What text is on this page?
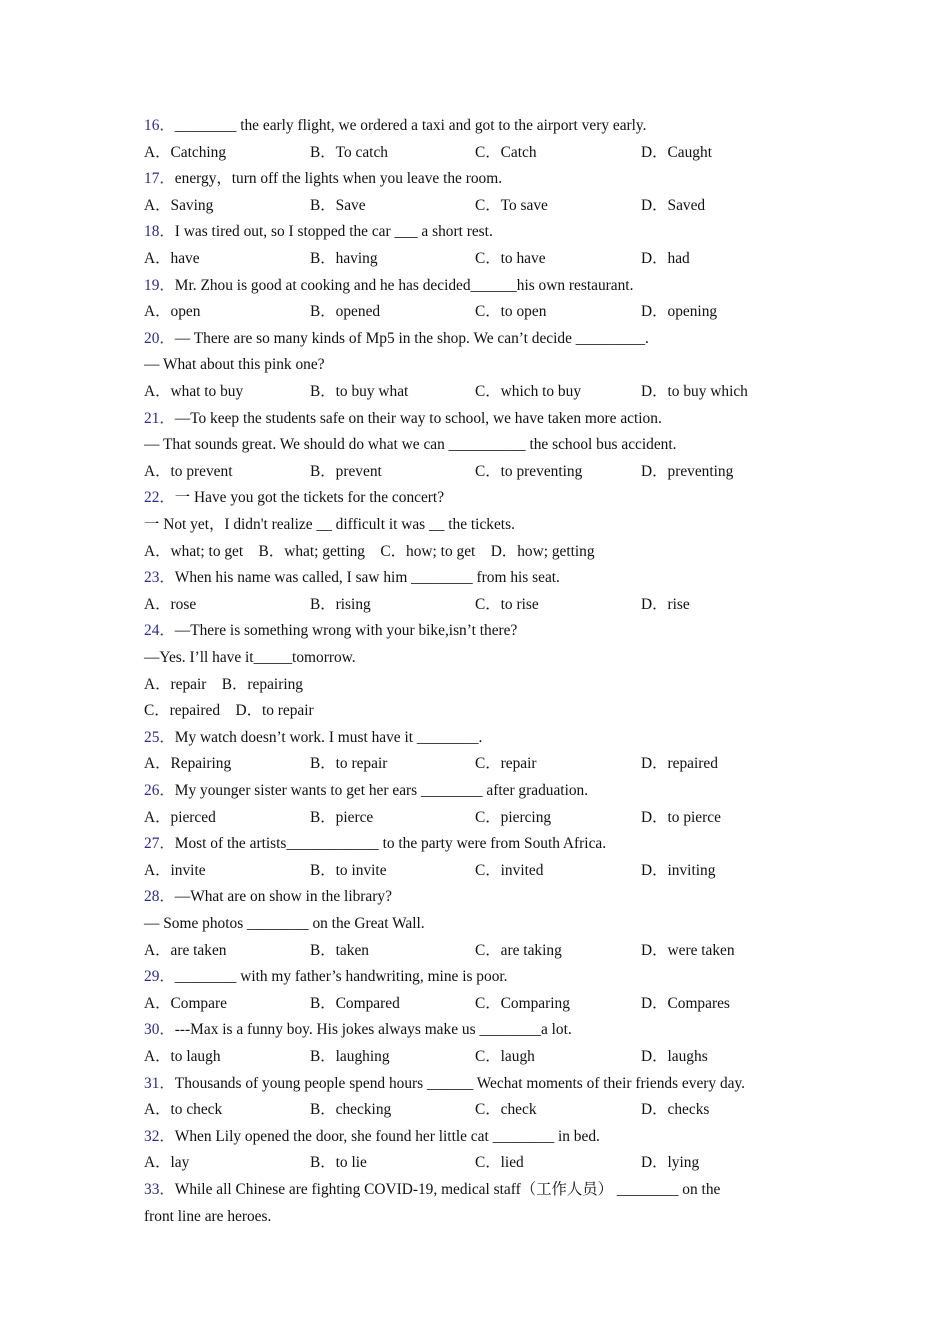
16．________ the early flight, we ordered a taxi and got to the airport very early.
A．Catching	B．To catch	C．Catch	D．Caught
17．energy，turn off the lights when you leave the room.
A．Saving	B．Save	C．To save	D．Saved
18．I was tired out, so I stopped the car ___ a short rest.
A．have	B．having	C．to have	D．had
19．Mr. Zhou is good at cooking and he has decided______his own restaurant.
A．open	B．opened	C．to open	D．opening
20．— There are so many kinds of Mp5 in the shop. We can’t decide _________.
— What about this pink one?
A．what to buy	B．to buy what	C．which to buy	D．to buy which
21．—To keep the students safe on their way to school, we have taken more action.
— That sounds great. We should do what we can __________ the school bus accident.
A．to prevent	B．prevent	C．to preventing	D．preventing
22．一 Have you got the tickets for the concert?
一 Not yet，I didn't realize __ difficult it was __ the tickets.
A．what; to get　B．what; getting　C．how; to get　D．how; getting
23．When his name was called, I saw him ________ from his seat.
A．rose	B．rising	C．to rise	D．rise
24．—There is something wrong with your bike,isn’t there?
—Yes. I’ll have it_____tomorrow.
A．repair　B．repairing
C．repaired　D．to repair
25．My watch doesn’t work. I must have it ________.
A．Repairing	B．to repair	C．repair	D．repaired
26．My younger sister wants to get her ears ________ after graduation.
A．pierced	B．pierce	C．piercing	D．to pierce
27．Most of the artists____________ to the party were from South Africa.
A．invite	B．to invite	C．invited	D．inviting
28．—What are on show in the library?
— Some photos ________ on the Great Wall.
A．are taken	B．taken	C．are taking	D．were taken
29．________ with my father’s handwriting, mine is poor.
A．Compare	B．Compared	C．Comparing	D．Compares
30．---Max is a funny boy. His jokes always make us ________a lot.
A．to laugh	B．laughing	C．laugh	D．laughs
31．Thousands of young people spend hours ______ Wechat moments of their friends every day.
A．to check	B．checking	C．check	D．checks
32．When Lily opened the door, she found her little cat ________ in bed.
A．lay	B．to lie	C．lied	D．lying
33．While all Chinese are fighting COVID-19, medical staff（工作人员） ________ on the
front line are heroes.
